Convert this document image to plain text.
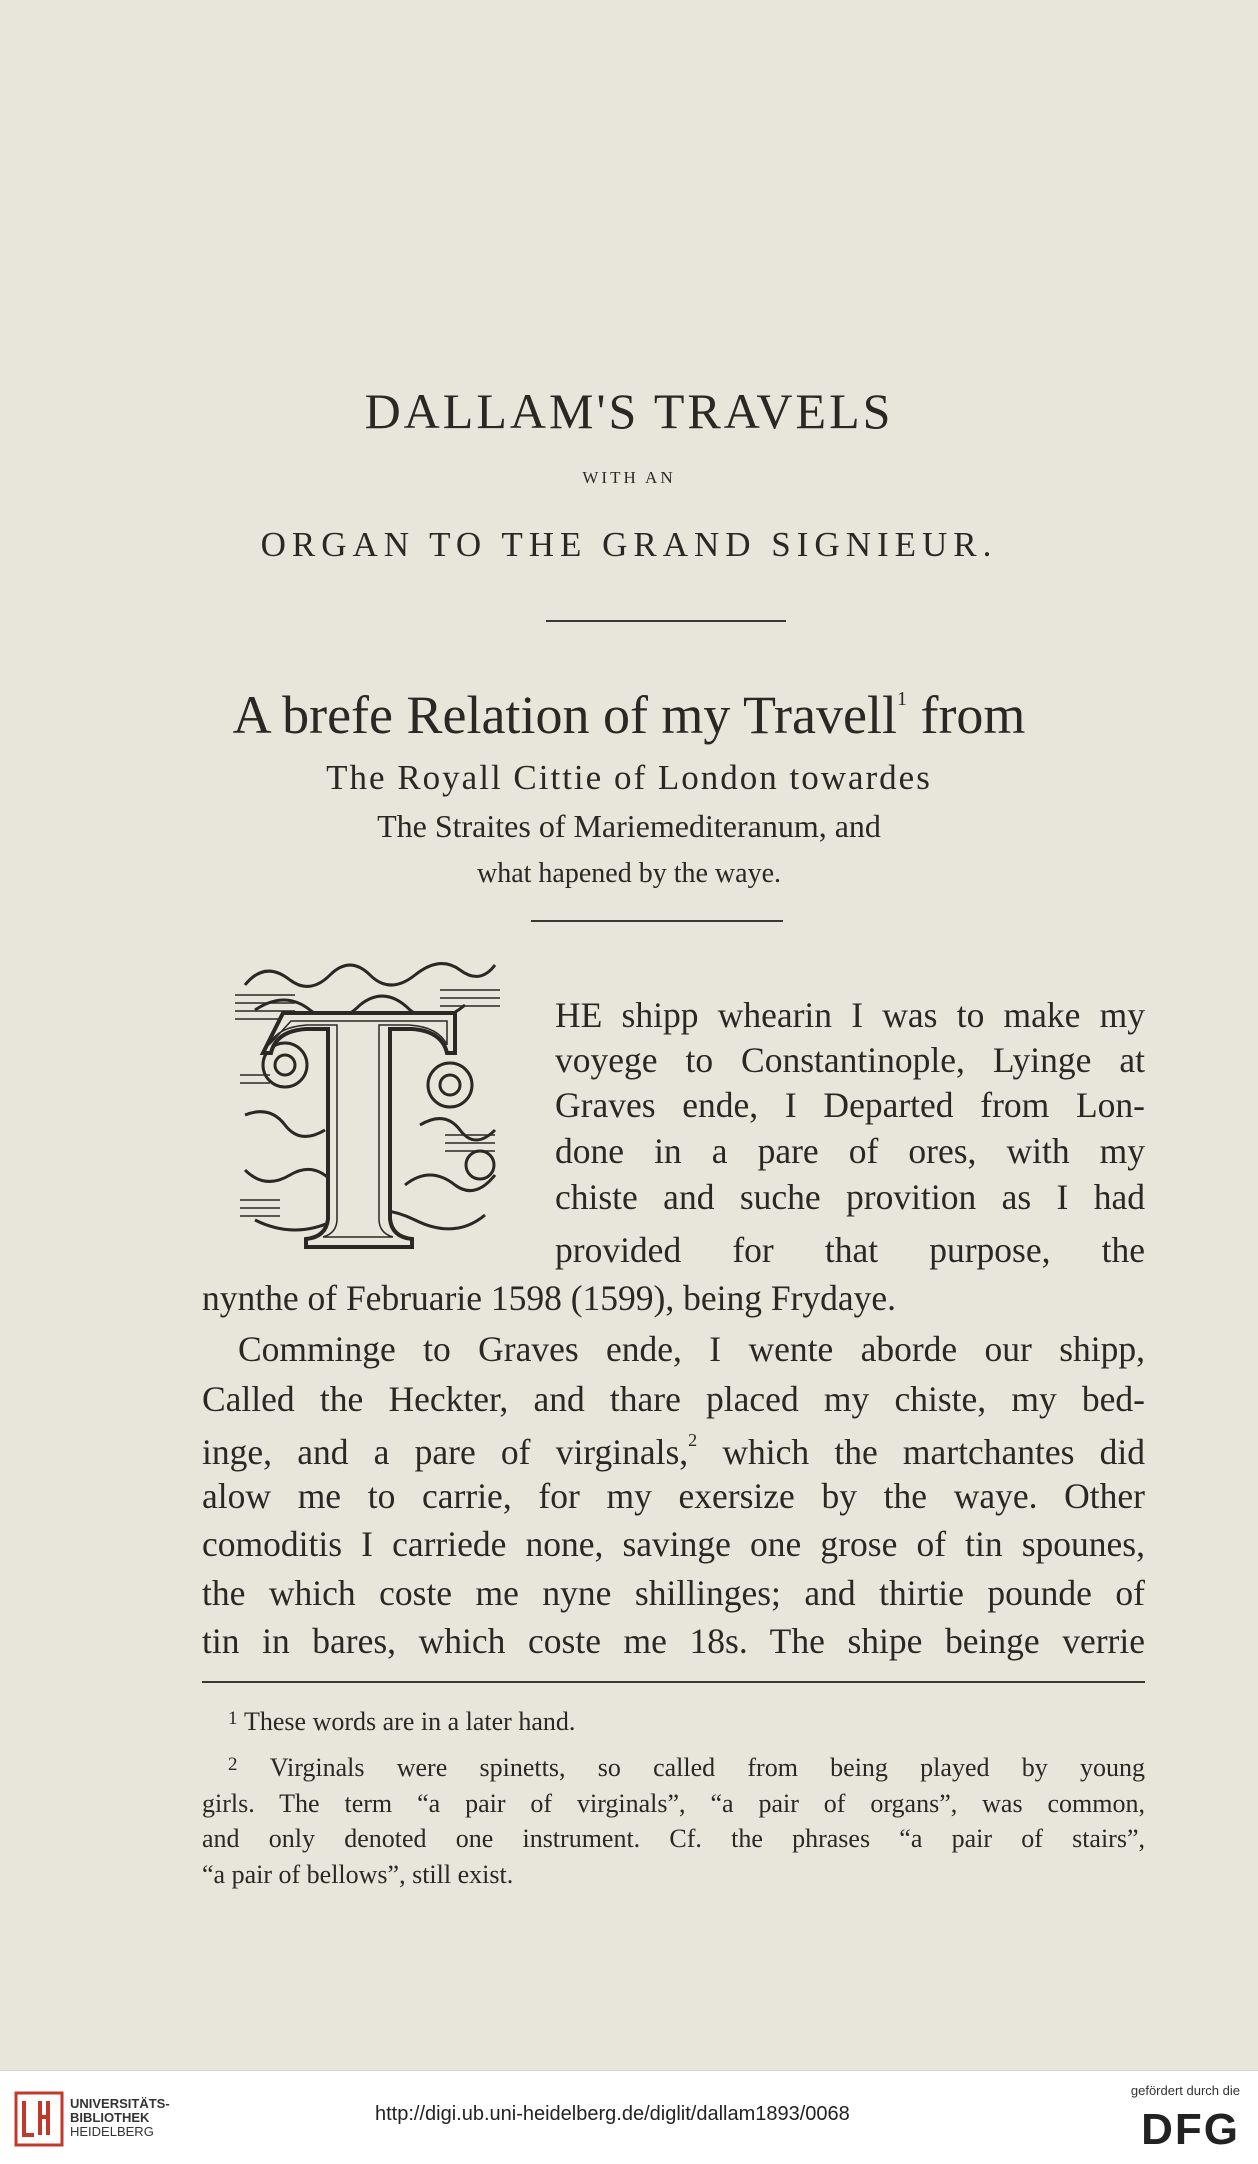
DALLAM'S TRAVELS
WITH AN
ORGAN TO THE GRAND SIGNIEUR.
A brefe Relation of my Travell$^1$ from
The Royall Cittie of London towardes
The Straites of Mariemediteranum, and
what hapened by the waye.
HE shipp whearin I was to make my
voyege to Constantinople, Lyinge at
Graves ende, I Departed from Lon-
done in a pare of ores, with my
chiste and suche provition as I had
provided for that purpose, the
nynthe of Februarie 1598 (1599), being Frydaye.
Comminge to Graves ende, I wente aborde our shipp,
Called the Heckter, and thare placed my chiste, my bed-
inge, and a pare of virginals,$^2$ which the martchantes did
alow me to carrie, for my exersize by the waye. Other
comoditis I carriede none, savinge one grose of tin spounes,
the which coste me nyne shillinges; and thirtie pounde of
tin in bares, which coste me 18s. The shipe beinge verrie
$^1$ These words are in a later hand.
$^2$ Virginals were spinetts, so called from being played by young
girls. The term “a pair of virginals”, “a pair of organs”, was common,
and only denoted one instrument. Cf. the phrases “a pair of stairs”,
“a pair of bellows”, still exist.
UNIVERSITÄTS-
BIBLIOTHEK
HEIDELBERG
http://digi.ub.uni-heidelberg.de/diglit/dallam1893/0068
gefördert durch die
DFG
